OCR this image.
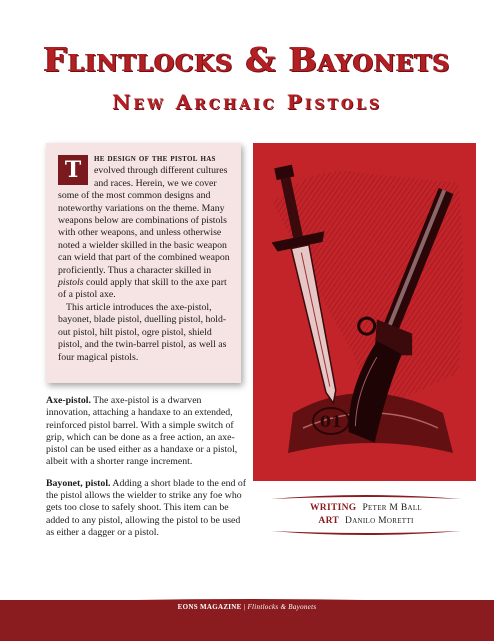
Flintlocks & Bayonets
New Archaic Pistols

T	he design of the pistol has evolved through different cultures and races. Herein, we we cover some of the most common designs and noteworthy variations on the theme. Many weapons below are combinations of pistols with other weapons, and unless otherwise noted a wielder skilled in the basic weapon can wield that part of the combined weapon proficiently. Thus a character skilled in pistols could apply that skill to the axe part of a pistol axe.

This article introduces the axe-pistol, bayonet, blade pistol, duelling pistol, hold-out pistol, hilt pistol, ogre pistol, shield pistol, and the twin-barrel pistol, as well as four magical pistols.

01

Axe-pistol. The axe-pistol is a dwarven innovation, attaching a handaxe to an extended, reinforced pistol barrel. With a simple switch of grip, which can be done as a free action, an axe-pistol can be used either as a handaxe or a pistol, albeit with a shorter range increment.

Bayonet, pistol. Adding a short blade to the end of the pistol allows the wielder to strike any foe who gets too close to safely shoot. This item can be added to any pistol, allowing the pistol to be used as either a dagger or a pistol.

WRITING Peter M Ball
ART Danilo Moretti
EONS MAGAZINE | Flintlocks & Bayonets
